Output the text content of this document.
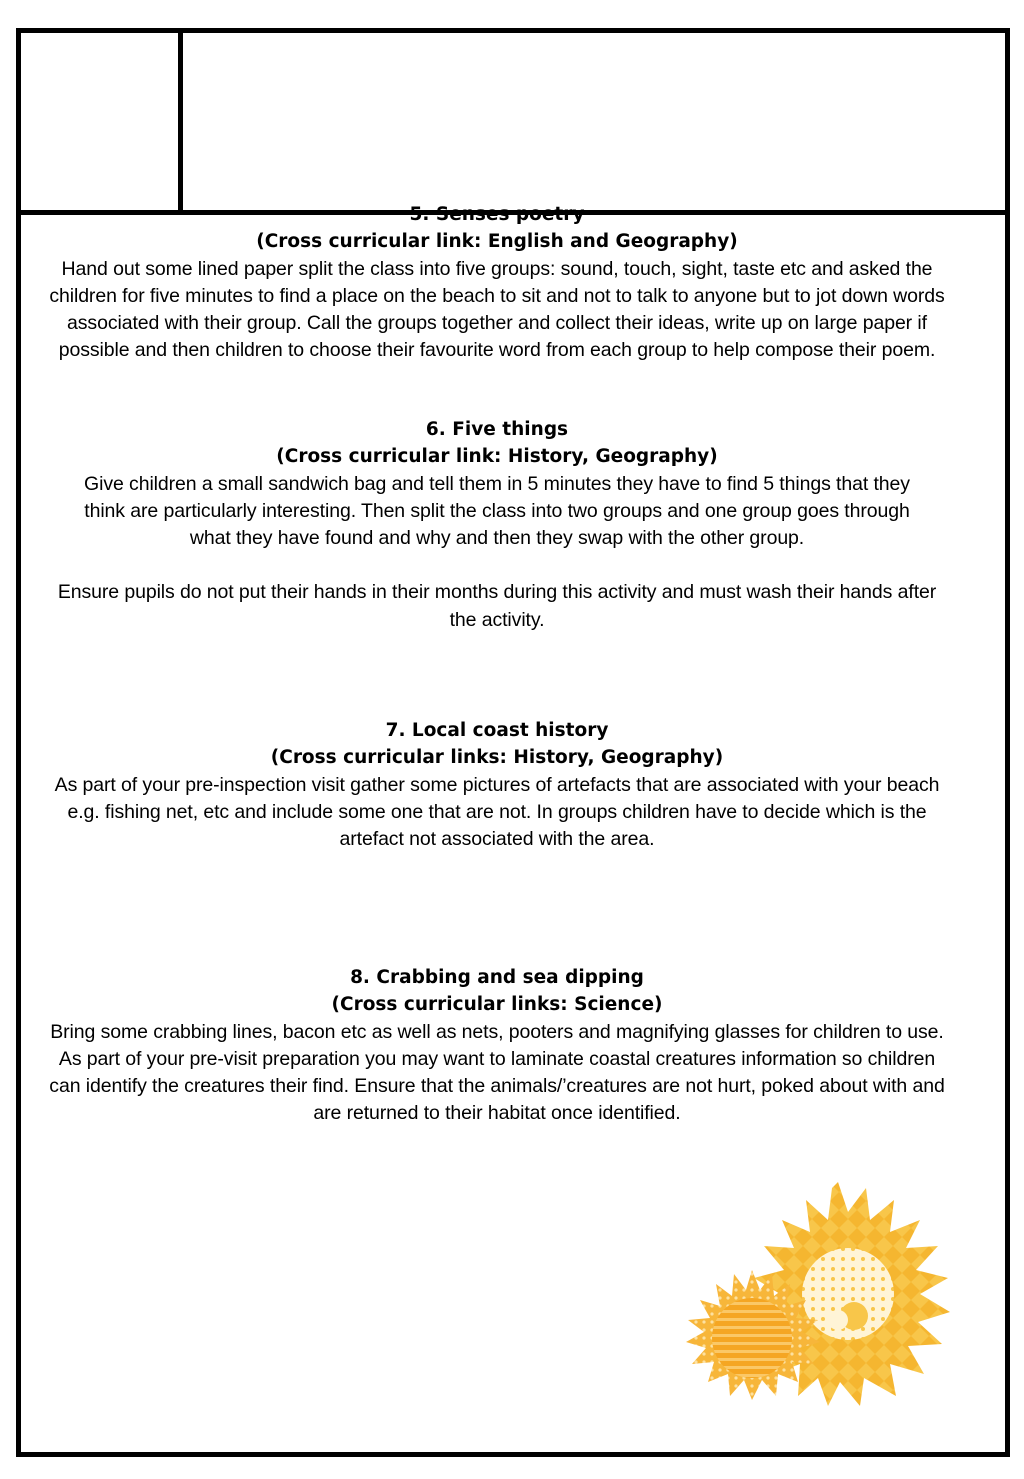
5. Senses poetry
(Cross curricular link: English and Geography)
Hand out some lined paper split the class into five groups: sound, touch, sight, taste etc and asked the children for five minutes to find a place on the beach to sit and not to talk to anyone but to jot down words associated with their group. Call the groups together and collect their ideas, write up on large paper if possible and then children to choose their favourite word from each group to help compose their poem.
6. Five things
(Cross curricular link: History, Geography)
Give children a small sandwich bag and tell them in 5 minutes they have to find 5 things that they think are particularly interesting. Then split the class into two groups and one group goes through what they have found and why and then they swap with the other group.
Ensure pupils do not put their hands in their months during this activity and must wash their hands after the activity.
7. Local coast history
(Cross curricular links: History, Geography)
As part of your pre-inspection visit gather some pictures of artefacts that are associated with your beach e.g. fishing net, etc and include some one that are not. In groups children have to decide which is the artefact not associated with the area.
8. Crabbing and sea dipping
(Cross curricular links: Science)
Bring some crabbing lines, bacon etc as well as nets, pooters and magnifying glasses for children to use. As part of your pre-visit preparation you may want to laminate coastal creatures information so children can identify the creatures their find. Ensure that the animals/’creatures are not hurt, poked about with and are returned to their habitat once identified.
